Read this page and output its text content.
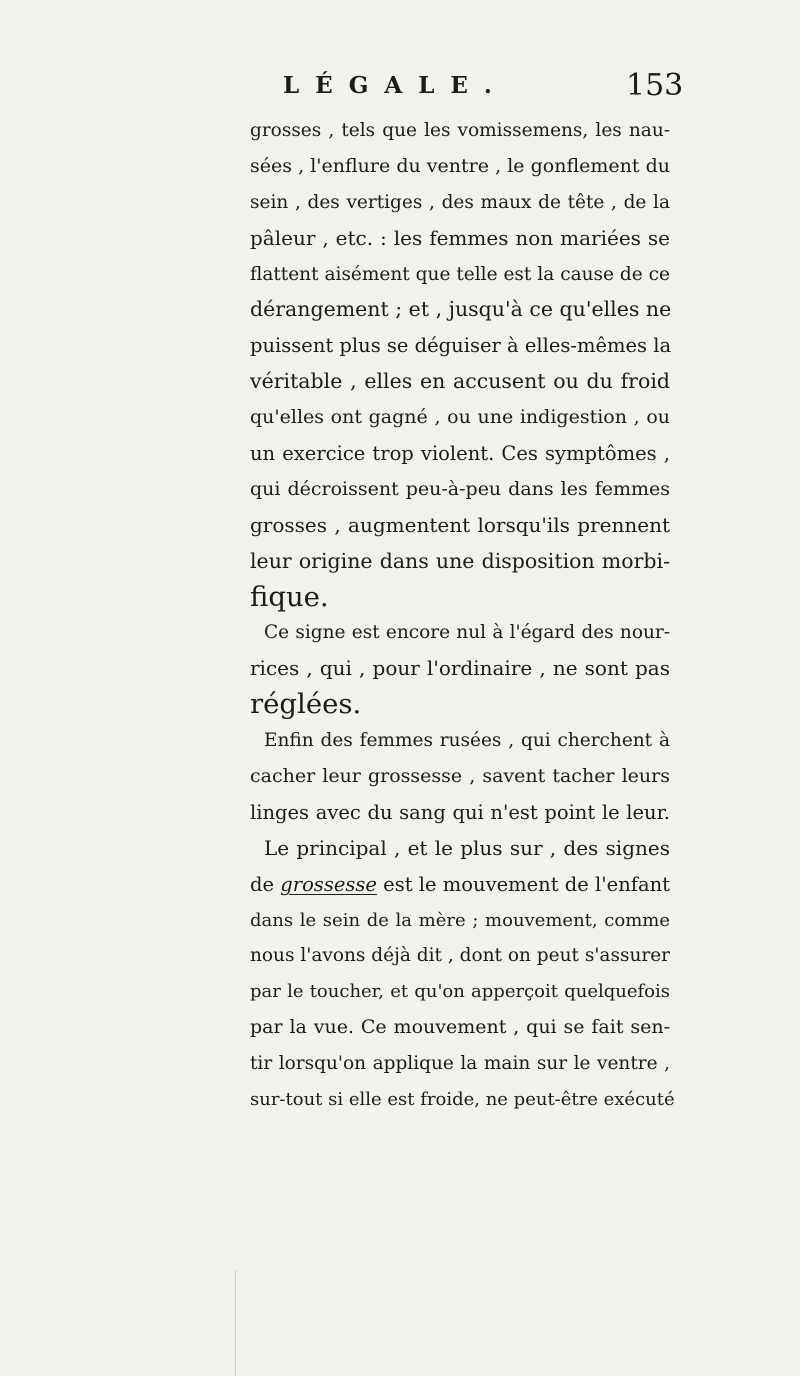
LÉGALE.	153
grosses , tels que les vomissemens, les nau-
sées , l'enflure du ventre , le gonflement du
sein , des vertiges , des maux de tête , de la
pâleur , etc. : les femmes non mariées se
flattent aisément que telle est la cause de ce
dérangement ; et , jusqu'à ce qu'elles ne
puissent plus se déguiser à elles-mêmes la
véritable , elles en accusent ou du froid
qu'elles ont gagné , ou une indigestion , ou
un exercice trop violent. Ces symptômes ,
qui décroissent peu-à-peu dans les femmes
grosses , augmentent lorsqu'ils prennent
leur origine dans une disposition morbi-
fique.
Ce signe est encore nul à l'égard des nour-
rices , qui , pour l'ordinaire , ne sont pas
réglées.
Enfin des femmes rusées , qui cherchent à
cacher leur grossesse , savent tacher leurs
linges avec du sang qui n'est point le leur.
Le principal , et le plus sur , des signes
de grossesse est le mouvement de l'enfant
dans le sein de la mère ; mouvement, comme
nous l'avons déjà dit , dont on peut s'assurer
par le toucher, et qu'on apperçoit quelquefois
par la vue. Ce mouvement , qui se fait sen-
tir lorsqu'on applique la main sur le ventre ,
sur-tout si elle est froide, ne peut-être exécuté
